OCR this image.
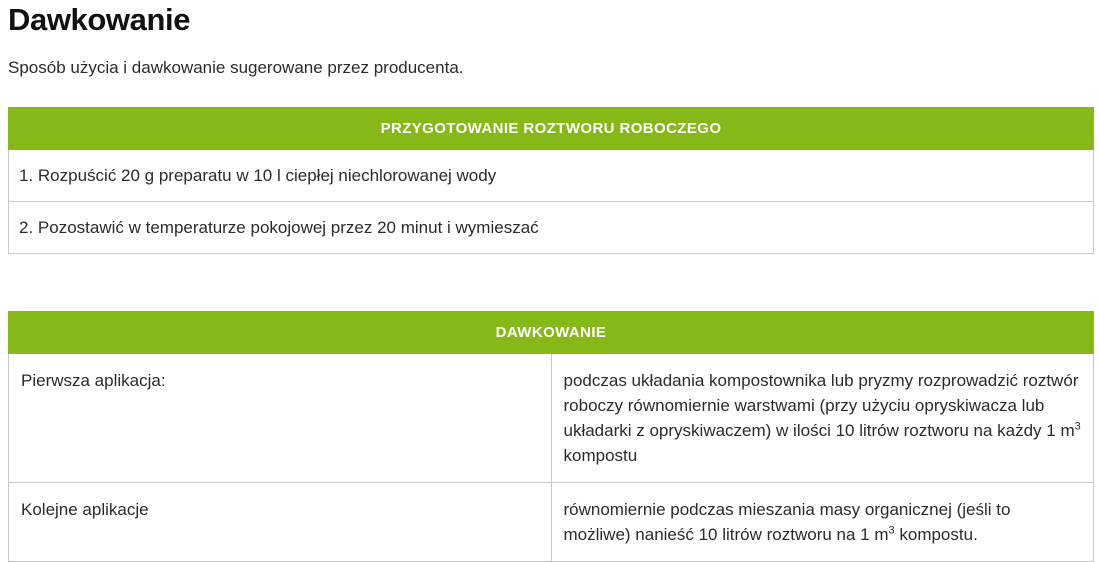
Dawkowanie

Sposób użycia i dawkowanie sugerowane przez producenta.

PRZYGOTOWANIE ROZTWORU ROBOCZEGO
1. Rozpuścić 20 g preparatu w 10 l ciepłej niechlorowanej wody
2. Pozostawić w temperaturze pokojowej przez 20 minut i wymieszać
DAWKOWANIE	
Pierwsza aplikacja:	podczas układania kompostownika lub pryzmy rozprowadzić roztwór roboczy równomiernie warstwami (przy użyciu opryskiwacza lub układarki z opryskiwaczem) w ilości 10 litrów roztworu na każdy 1 $m^3$ kompostu
Kolejne aplikacje	równomiernie podczas mieszania masy organicznej (jeśli to możliwe) nanieść 10 litrów roztworu na 1 $m^3$ kompostu.
